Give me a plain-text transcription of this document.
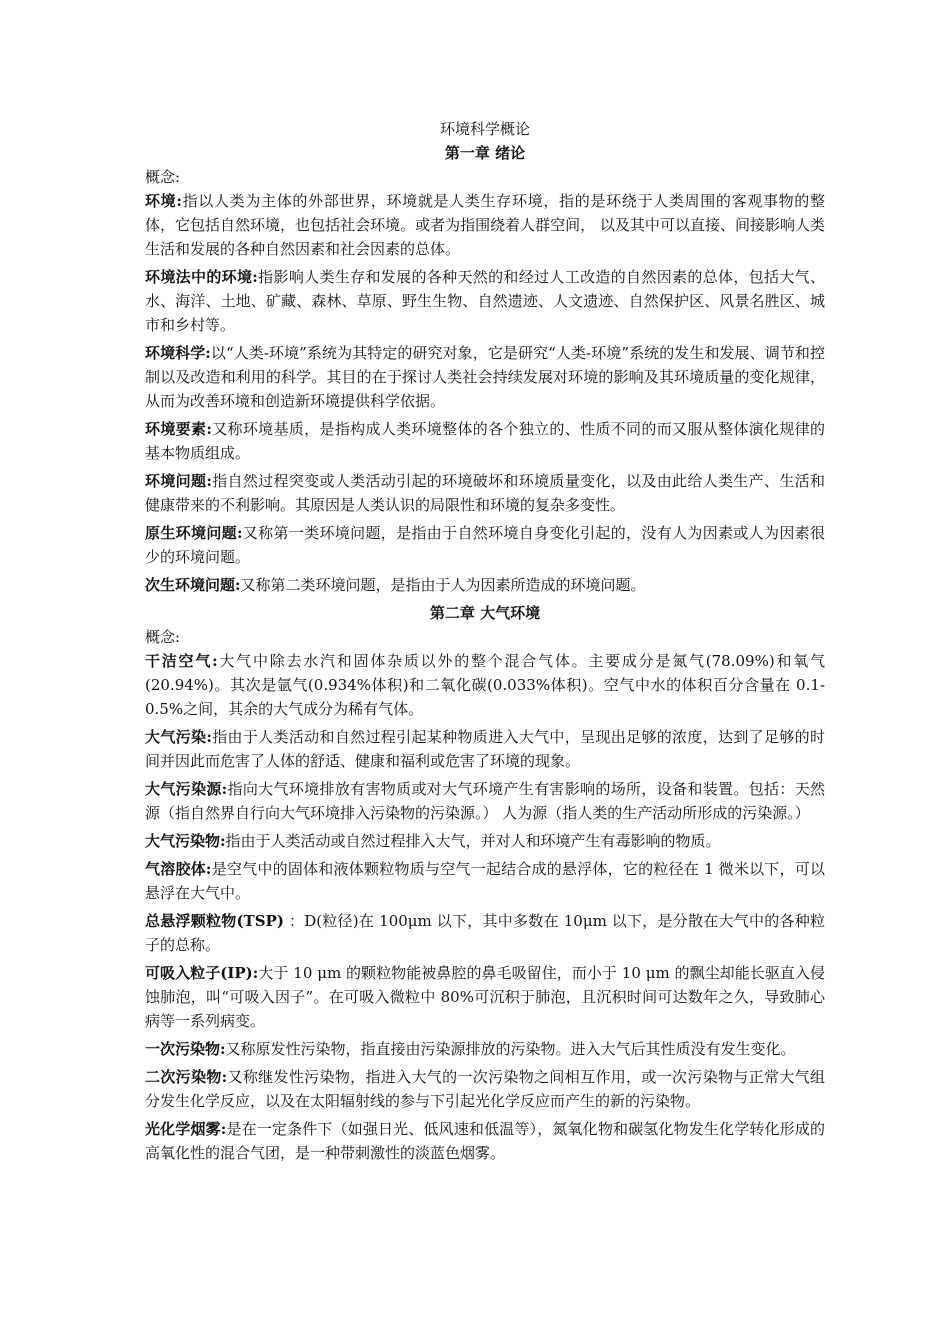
环境科学概论
第一章 绪论
概念:

环境:指以人类为主体的外部世界，环境就是人类生存环境，指的是环绕于人类周围的客观事物的整体，它包括自然环境，也包括社会环境。或者为指围绕着人群空间， 以及其中可以直接、间接影响人类生活和发展的各种自然因素和社会因素的总体。

环境法中的环境:指影响人类生存和发展的各种天然的和经过人工改造的自然因素的总体，包括大气、水、海洋、土地、矿藏、森林、草原、野生生物、自然遗迹、人文遗迹、自然保护区、风景名胜区、城市和乡村等。

环境科学:以“人类-环境”系统为其特定的研究对象，它是研究“人类-环境”系统的发生和发展、调节和控制以及改造和利用的科学。其目的在于探讨人类社会持续发展对环境的影响及其环境质量的变化规律，从而为改善环境和创造新环境提供科学依据。

环境要素:又称环境基质，是指构成人类环境整体的各个独立的、性质不同的而又服从整体演化规律的基本物质组成。

环境问题:指自然过程突变或人类活动引起的环境破坏和环境质量变化，以及由此给人类生产、生活和健康带来的不利影响。其原因是人类认识的局限性和环境的复杂多变性。

原生环境问题:又称第一类环境问题，是指由于自然环境自身变化引起的，没有人为因素或人为因素很少的环境问题。

次生环境问题:又称第二类环境问题，是指由于人为因素所造成的环境问题。

第二章 大气环境
概念:

干洁空气:大气中除去水汽和固体杂质以外的整个混合气体。主要成分是氮气(78.09%)和氧气(20.94%)。其次是氩气(0.934%体积)和二氧化碳(0.033%体积)。空气中水的体积百分含量在 0.1-0.5%之间，其余的大气成分为稀有气体。

大气污染:指由于人类活动和自然过程引起某种物质进入大气中，呈现出足够的浓度，达到了足够的时间并因此而危害了人体的舒适、健康和福利或危害了环境的现象。

大气污染源:指向大气环境排放有害物质或对大气环境产生有害影响的场所，设备和装置。包括：天然源（指自然界自行向大气环境排入污染物的污染源。） 人为源（指人类的生产活动所形成的污染源。）

大气污染物:指由于人类活动或自然过程排入大气，并对人和环境产生有毒影响的物质。

气溶胶体:是空气中的固体和液体颗粒物质与空气一起结合成的悬浮体，它的粒径在 1 微米以下，可以悬浮在大气中。

总悬浮颗粒物(TSP) ：D(粒径)在 100μm 以下，其中多数在 10μm 以下，是分散在大气中的各种粒子的总称。

可吸入粒子(IP):大于 10 μm 的颗粒物能被鼻腔的鼻毛吸留住，而小于 10 μm 的飘尘却能长驱直入侵蚀肺泡，叫“可吸入因子”。在可吸入微粒中 80%可沉积于肺泡，且沉积时间可达数年之久，导致肺心病等一系列病变。

一次污染物:又称原发性污染物，指直接由污染源排放的污染物。进入大气后其性质没有发生变化。

二次污染物:又称继发性污染物，指进入大气的一次污染物之间相互作用，或一次污染物与正常大气组分发生化学反应，以及在太阳辐射线的参与下引起光化学反应而产生的新的污染物。

光化学烟雾:是在一定条件下（如强日光、低风速和低温等），氮氧化物和碳氢化物发生化学转化形成的高氧化性的混合气团，是一种带刺激性的淡蓝色烟雾。
